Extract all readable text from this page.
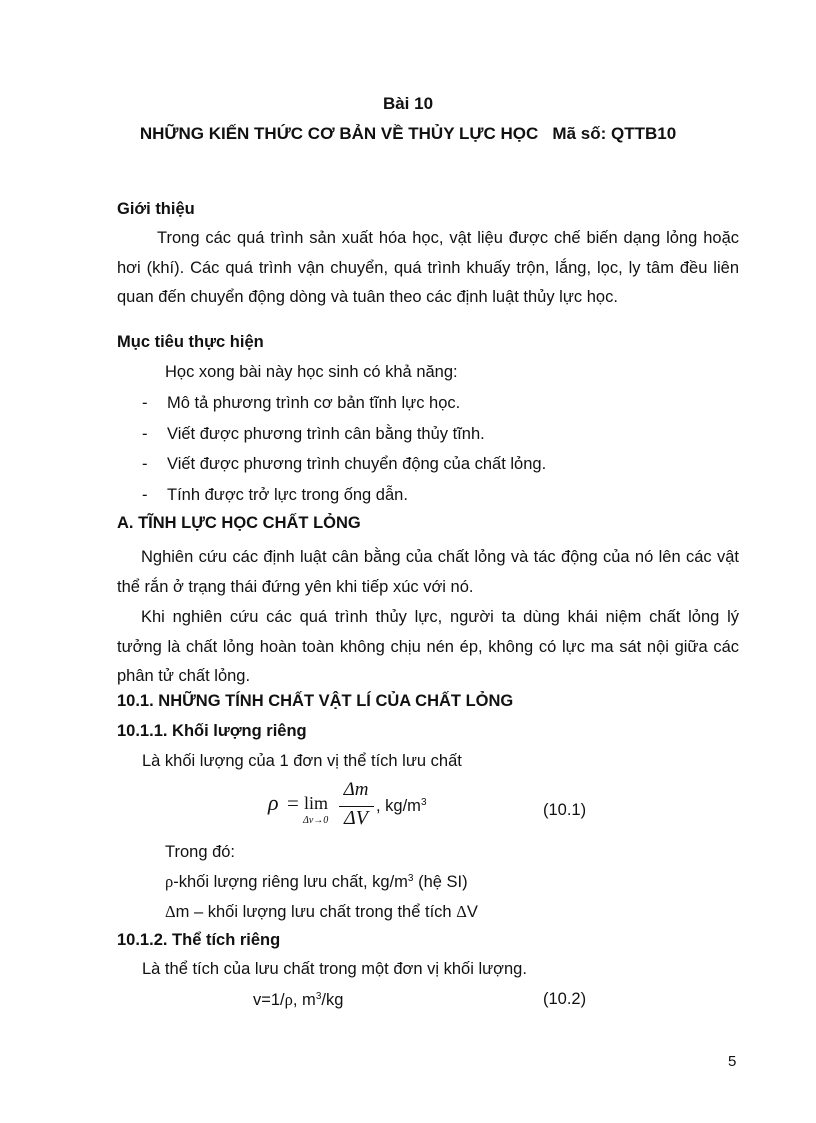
Bài 10
NHỮNG KIẾN THỨC CƠ BẢN VỀ THỦY LỰC HỌC Mã số: QTTB10
Giới thiệu
Trong các quá trình sản xuất hóa học, vật liệu được chế biến dạng lỏng hoặc hơi (khí). Các quá trình vận chuyển, quá trình khuấy trộn, lắng, lọc, ly tâm đều liên quan đến chuyển động dòng và tuân theo các định luật thủy lực học.
Mục tiêu thực hiện
Học xong bài này học sinh có khả năng:
- Mô tả phương trình cơ bản tĩnh lực học.
- Viết được phương trình cân bằng thủy tĩnh.
- Viết được phương trình chuyển động của chất lỏng.
- Tính được trở lực trong ống dẫn.
A. TĨNH LỰC HỌC CHẤT LỎNG
Nghiên cứu các định luật cân bằng của chất lỏng và tác động của nó lên các vật thể rắn ở trạng thái đứng yên khi tiếp xúc với nó.
Khi nghiên cứu các quá trình thủy lực, người ta dùng khái niệm chất lỏng lý tưởng là chất lỏng hoàn toàn không chịu nén ép, không có lực ma sát nội giữa các phân tử chất lỏng.
10.1. NHỮNG TÍNH CHẤT VẬT LÍ CỦA CHẤT LỎNG
10.1.1. Khối lượng riêng
Là khối lượng của 1 đơn vị thể tích lưu chất
ρ = lim
Δv→0
Δm
ΔV
, $kg/m^3$	(10.1)
Trong đó:
ρ-khối lượng riêng lưu chất, $kg/m^3$ (hệ SI)
Δm – khối lượng lưu chất trong thể tích ΔV
10.1.2. Thể tích riêng
Là thể tích của lưu chất trong một đơn vị khối lượng.
v=1/ρ, $m^3/kg$	(10.2)
5
